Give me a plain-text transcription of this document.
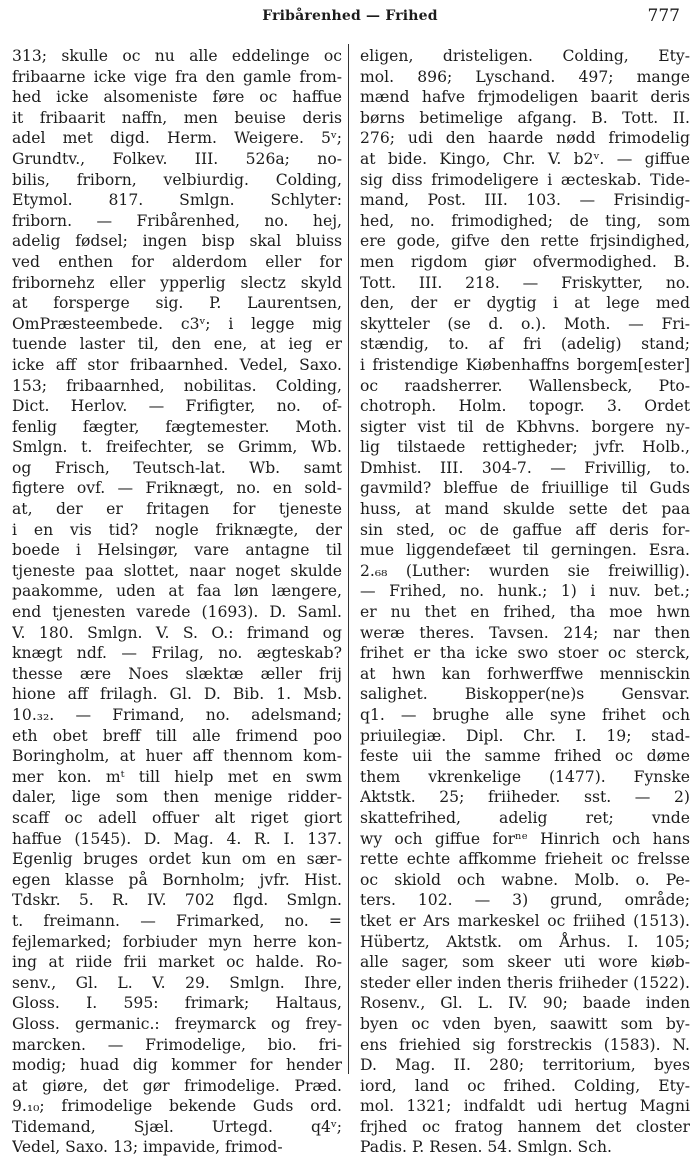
Fribårenhed — Frihed	777
313; skulle oc nu alle eddelinge oc
fribaarne icke vige fra den gamle from-
hed icke alsomeniste føre oc haffue
it fribaarit naffn, men beuise deris
adel met digd. Herm. Weigere. 5ᵛ;
Grundtv., Folkev. III. 526a; no-
bilis, friborn, velbiurdig. Colding,
Etymol. 817. Smlgn. Schlyter:
friborn. — Fribårenhed, no. hej,
adelig fødsel; ingen bisp skal bluiss
ved enthen for alderdom eller for
fribornehz eller ypperlig slectz skyld
at forsperge sig. P. Laurentsen,
OmPræsteembede. c3ᵛ; i legge mig
tuende laster til, den ene, at ieg er
icke aff stor fribaarnhed. Vedel, Saxo.
153; fribaarnhed, nobilitas. Colding,
Dict. Herlov. — Frifigter, no. of-
fenlig fægter, fægtemester. Moth.
Smlgn. t. freifechter, se Grimm, Wb.
og Frisch, Teutsch-lat. Wb. samt
figtere ovf. — Friknægt, no. en sold-
at, der er fritagen for tjeneste
i en vis tid? nogle friknægte, der
boede i Helsingør, vare antagne til
tjeneste paa slottet, naar noget skulde
paakomme, uden at faa løn længere,
end tjenesten varede (1693). D. Saml.
V. 180. Smlgn. V. S. O.: frimand og
knægt ndf. — Frilag, no. ægteskab?
thesse ære Noes slæktæ æller frij
hione aff frilagh. Gl. D. Bib. 1. Msb.
10.₃₂. — Frimand, no. adelsmand;
eth obet breff till alle frimend poo
Boringholm, at huer aff thennom kom-
mer kon. mᵗ till hielp met en swm
daler, lige som then menige ridder-
scaff oc adell offuer alt riget giort
haffue (1545). D. Mag. 4. R. I. 137.
Egenlig bruges ordet kun om en sær-
egen klasse på Bornholm; jvfr. Hist.
Tdskr. 5. R. IV. 702 flgd. Smlgn.
t. freimann. — Frimarked, no. =
fejlemarked; forbiuder myn herre kon-
ing at riide frii market oc halde. Ro-
senv., Gl. L. V. 29. Smlgn. Ihre,
Gloss. I. 595: frimark; Haltaus,
Gloss. germanic.: freymarck og frey-
marcken. — Frimodelige, bio. fri-
modig; huad dig kommer for hender
at giøre, det gør frimodelige. Præd.
9.₁₀; frimodelige bekende Guds ord.
Tidemand, Sjæl. Urtegd. q4ᵛ;
Vedel, Saxo. 13; impavide, frimod-
eligen, dristeligen. Colding, Ety-
mol. 896; Lyschand. 497; mange
mænd hafve frjmodeligen baarit deris
børns betimelige afgang. B. Tott. II.
276; udi den haarde nødd frimodelig
at bide. Kingo, Chr. V. b2ᵛ. — giffue
sig diss frimodeligere i æcteskab. Tide-
mand, Post. III. 103. — Frisindig-
hed, no. frimodighed; de ting, som
ere gode, gifve den rette frjsindighed,
men rigdom giør ofvermodighed. B.
Tott. III. 218. — Friskytter, no.
den, der er dygtig i at lege med
skytteler (se d. o.). Moth. — Fri-
stændig, to. af fri (adelig) stand;
i fristendige Kiøbenhaffns borgem[ester]
oc raadsherrer. Wallensbeck, Pto-
chotroph. Holm. topogr. 3. Ordet
sigter vist til de Kbhvns. borgere ny-
lig tilstaede rettigheder; jvfr. Holb.,
Dmhist. III. 304-7. — Frivillig, to.
gavmild? bleffue de friuillige til Guds
huss, at mand skulde sette det paa
sin sted, oc de gaffue aff deris for-
mue liggendefæet til gerningen. Esra.
2.₆₈ (Luther: wurden sie freiwillig).
— Frihed, no. hunk.; 1) i nuv. bet.;
er nu thet en frihed, tha moe hwn
weræ theres. Tavsen. 214; nar then
frihet er tha icke swo stoer oc sterck,
at hwn kan forhwerffwe mennisckin
salighet. Biskopper(ne)s Gensvar.
q1. — brughe alle syne frihet och
priuilegiæ. Dipl. Chr. I. 19; stad-
feste uii the samme frihed oc døme
them vkrenkelige (1477). Fynske
Aktstk. 25; friiheder. sst. — 2)
skattefrihed, adelig ret; vnde
wy och giffue forⁿᵉ Hinrich och hans
rette echte affkomme frieheit oc frelsse
oc skiold och wabne. Molb. o. Pe-
ters. 102. — 3) grund, område;
tket er Ars markeskel oc friihed (1513).
Hübertz, Aktstk. om Århus. I. 105;
alle sager, som skeer uti wore kiøb-
steder eller inden theris friiheder (1522).
Rosenv., Gl. L. IV. 90; baade inden
byen oc vden byen, saawitt som by-
ens friehied sig forstreckis (1583). N.
D. Mag. II. 280; territorium, byes
iord, land oc frihed. Colding, Ety-
mol. 1321; indfaldt udi hertug Magni
frjhed oc fratog hannem det closter
Padis. P. Resen. 54. Smlgn. Sch.
